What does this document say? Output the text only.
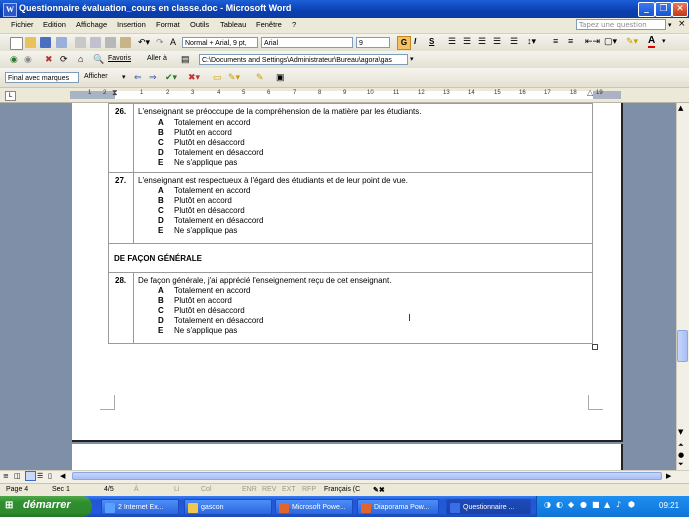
W Questionnaire évaluation_cours en classe.doc - Microsoft Word	_	❐ ✕
Fichier Edition Affichage Insertion Format Outils Tableau Fenêtre ?	Tapez une question	▾ ×
↶▾ ↷ A	Normal + Arial, 9 pt,	Arial	9	G I S ☰ ☰ ☰ ☰ ☰ ↕▾ ≡ ≡ ⇤⇥ ▢▾ ✎▾ A ▾
◉ ◉ ✖ ⟳ ⌂ 🔍 Favoris Aller à ▤	C:\Documents and Settings\Administrateur\Bureau\agora\gas	▾
Final avec marques	Afficher ▾ ⇐ ⇒ ✔▾ ✖▾ ▭ ✎▾ ✎ ▣
L	1 2 ⧗	1	2	3	4	5	6	7	8	9	10	11	12	13	14	15	16	17	18 △ 19
26. L'enseignant se préoccupe de la compréhension de la matière par les étudiants.
A Totalement en accord
B Plutôt en accord
C Plutôt en désaccord
D Totalement en désaccord
E Ne s'applique pas
27. L'enseignant est respectueux à l'égard des étudiants et de leur point de vue.
A Totalement en accord
B Plutôt en accord
C Plutôt en désaccord
D Totalement en désaccord
E Ne s'applique pas
DE FAÇON GÉNÉRALE
28. De façon générale, j'ai apprécié l'enseignement reçu de cet enseignant.
A Totalement en accord
B Plutôt en accord
C Plutôt en désaccord
D Totalement en désaccord
E Ne s'applique pas
I
▲
▼
⏶
●
⏷
≡ ◫ ☰ ▯ ◀	▶
Page 4	Sec 1	4/5	À	Li	Col	ENR REV EXT RFP Français (C ✎✖
⊞ démarrer	2 Internet Ex...	gascon	Microsoft Powe...	Diaporama Pow...	Questionnaire ...	◑ ◐ ◆ ● ■ ▲ ♪ ⬢	09:21
